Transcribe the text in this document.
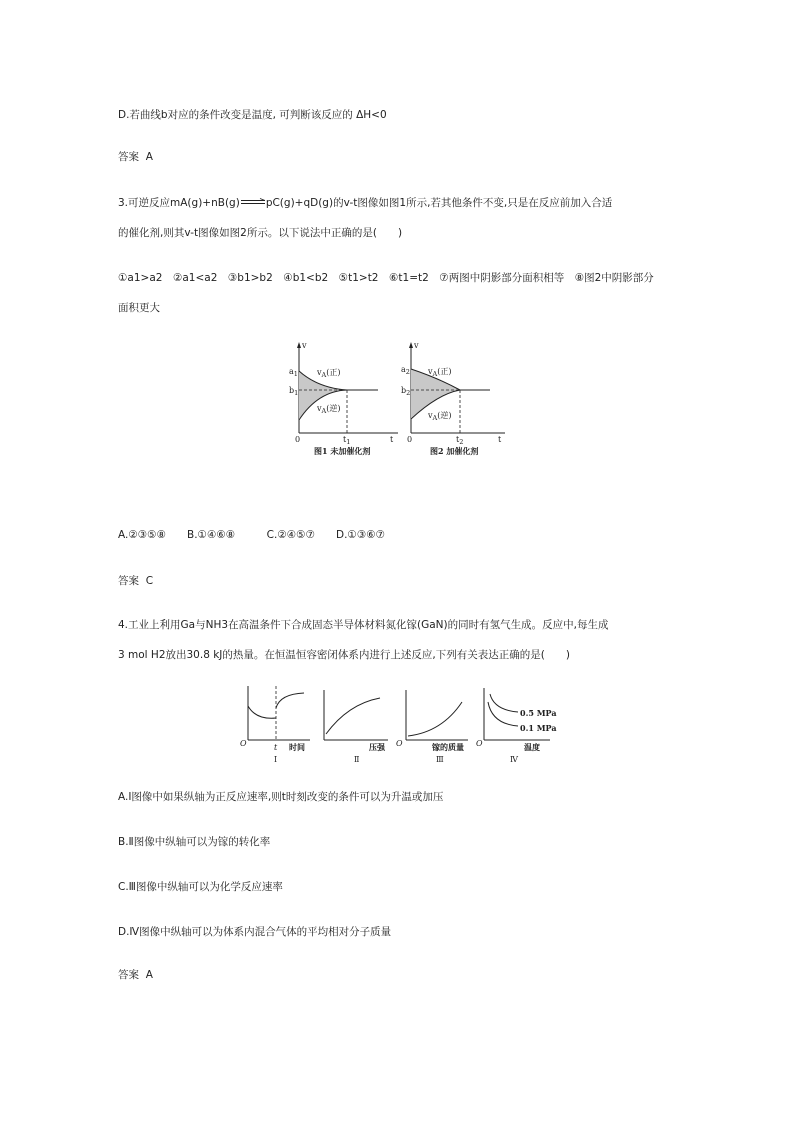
D.若曲线b对应的条件改变是温度, 可判断该反应的 ΔH<0
答案 A
3.可逆反应mA(g)+nB(g) pC(g)+qD(g)的v-t图像如图1所示,若其他条件不变,只是在反应前加入合适
的催化剂,则其v-t图像如图2所示。以下说法中正确的是(　　)
①a1>a2　②a1<a2　③b1>b2　④b1<b2　⑤t1>t2　⑥t1=t2　⑦两图中阴影部分面积相等　⑧图2中阴影部分
面积更大
v
t
0
$a_1$
$b_1$
$t_1$
$v_A$(正)
$v_A$(逆)
图1 未加催化剂
v
t
0
$a_2$
$b_2$
$t_2$
$v_A$(正)
$v_A$(逆)
图2 加催化剂
A.②③⑤⑧　　B.①④⑥⑧　　　C.②④⑤⑦　　D.①③⑥⑦
答案 C
4.工业上利用Ga与NH3在高温条件下合成固态半导体材料氮化镓(GaN)的同时有氢气生成。反应中,每生成
3 mol H2放出30.8 kJ的热量。在恒温恒容密闭体系内进行上述反应,下列有关表达正确的是(　　)
O	t 时间
Ⅰ
压强
Ⅱ
O	镓的质量
Ⅲ
O
0.5 MPa
0.1 MPa
温度
Ⅳ
A.Ⅰ图像中如果纵轴为正反应速率,则t时刻改变的条件可以为升温或加压
B.Ⅱ图像中纵轴可以为镓的转化率
C.Ⅲ图像中纵轴可以为化学反应速率
D.Ⅳ图像中纵轴可以为体系内混合气体的平均相对分子质量
答案 A
